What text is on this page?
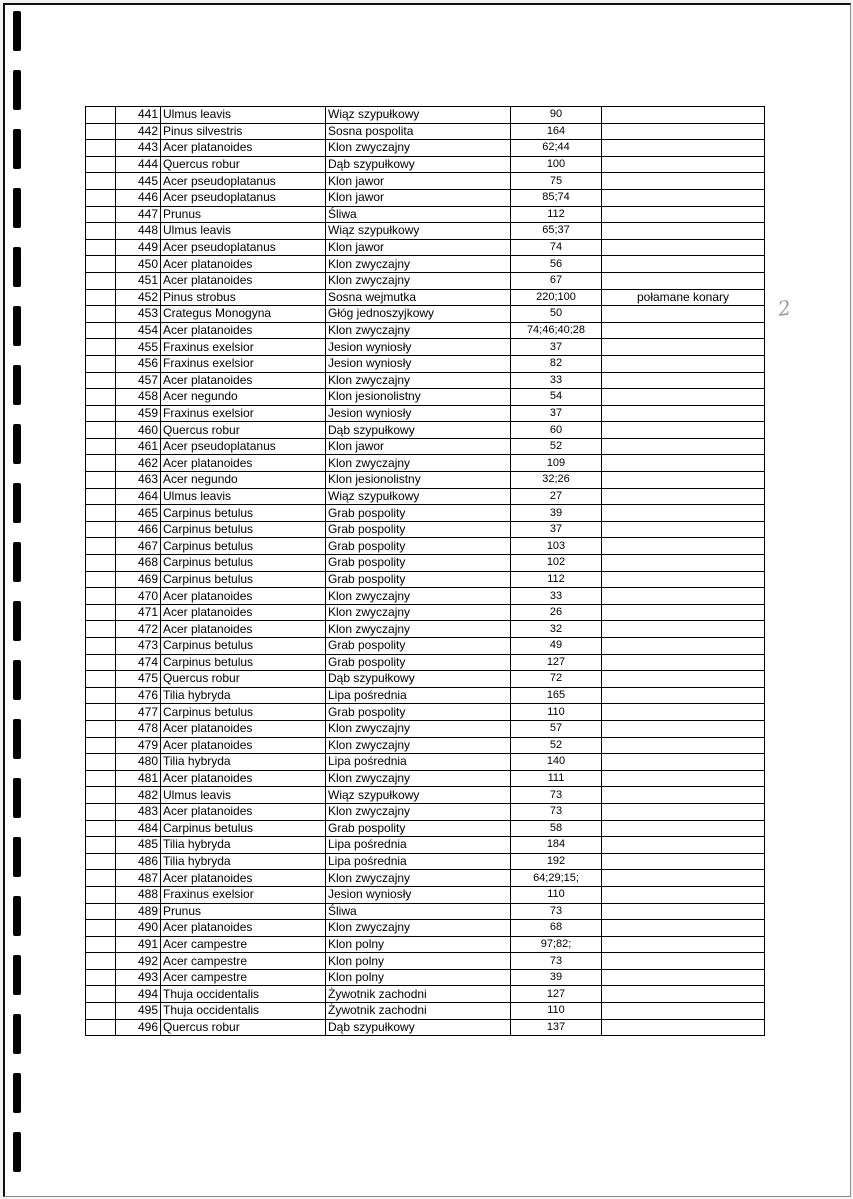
	441	Ulmus leavis	Wiąz szypułkowy	90	
	442	Pinus silvestris	Sosna pospolita	164	
	443	Acer platanoides	Klon zwyczajny	62;44	
	444	Quercus robur	Dąb szypułkowy	100	
	445	Acer pseudoplatanus	Klon jawor	75	
	446	Acer pseudoplatanus	Klon jawor	85;74	
	447	Prunus	Śliwa	112	
	448	Ulmus leavis	Wiąz szypułkowy	65;37	
	449	Acer pseudoplatanus	Klon jawor	74	
	450	Acer platanoides	Klon zwyczajny	56	
	451	Acer platanoides	Klon zwyczajny	67	
	452	Pinus strobus	Sosna wejmutka	220;100	połamane konary
	453	Crategus Monogyna	Głóg jednoszyjkowy	50	
	454	Acer platanoides	Klon zwyczajny	74;46;40;28	
	455	Fraxinus exelsior	Jesion wyniosły	37	
	456	Fraxinus exelsior	Jesion wyniosły	82	
	457	Acer platanoides	Klon zwyczajny	33	
	458	Acer negundo	Klon jesionolistny	54	
	459	Fraxinus exelsior	Jesion wyniosły	37	
	460	Quercus robur	Dąb szypułkowy	60	
	461	Acer pseudoplatanus	Klon jawor	52	
	462	Acer platanoides	Klon zwyczajny	109	
	463	Acer negundo	Klon jesionolistny	32;26	
	464	Ulmus leavis	Wiąz szypułkowy	27	
	465	Carpinus betulus	Grab pospolity	39	
	466	Carpinus betulus	Grab pospolity	37	
	467	Carpinus betulus	Grab pospolity	103	
	468	Carpinus betulus	Grab pospolity	102	
	469	Carpinus betulus	Grab pospolity	112	
	470	Acer platanoides	Klon zwyczajny	33	
	471	Acer platanoides	Klon zwyczajny	26	
	472	Acer platanoides	Klon zwyczajny	32	
	473	Carpinus betulus	Grab pospolity	49	
	474	Carpinus betulus	Grab pospolity	127	
	475	Quercus robur	Dąb szypułkowy	72	
	476	Tilia hybryda	Lipa pośrednia	165	
	477	Carpinus betulus	Grab pospolity	110	
	478	Acer platanoides	Klon zwyczajny	57	
	479	Acer platanoides	Klon zwyczajny	52	
	480	Tilia hybryda	Lipa pośrednia	140	
	481	Acer platanoides	Klon zwyczajny	111	
	482	Ulmus leavis	Wiąz szypułkowy	73	
	483	Acer platanoides	Klon zwyczajny	73	
	484	Carpinus betulus	Grab pospolity	58	
	485	Tilia hybryda	Lipa pośrednia	184	
	486	Tilia hybryda	Lipa pośrednia	192	
	487	Acer platanoides	Klon zwyczajny	64;29;15;	
	488	Fraxinus exelsior	Jesion wyniosły	110	
	489	Prunus	Śliwa	73	
	490	Acer platanoides	Klon zwyczajny	68	
	491	Acer campestre	Klon polny	97;82;	
	492	Acer campestre	Klon polny	73	
	493	Acer campestre	Klon polny	39	
	494	Thuja occidentalis	Żywotnik zachodni	127	
	495	Thuja occidentalis	Żywotnik zachodni	110	
	496	Quercus robur	Dąb szypułkowy	137	
2
